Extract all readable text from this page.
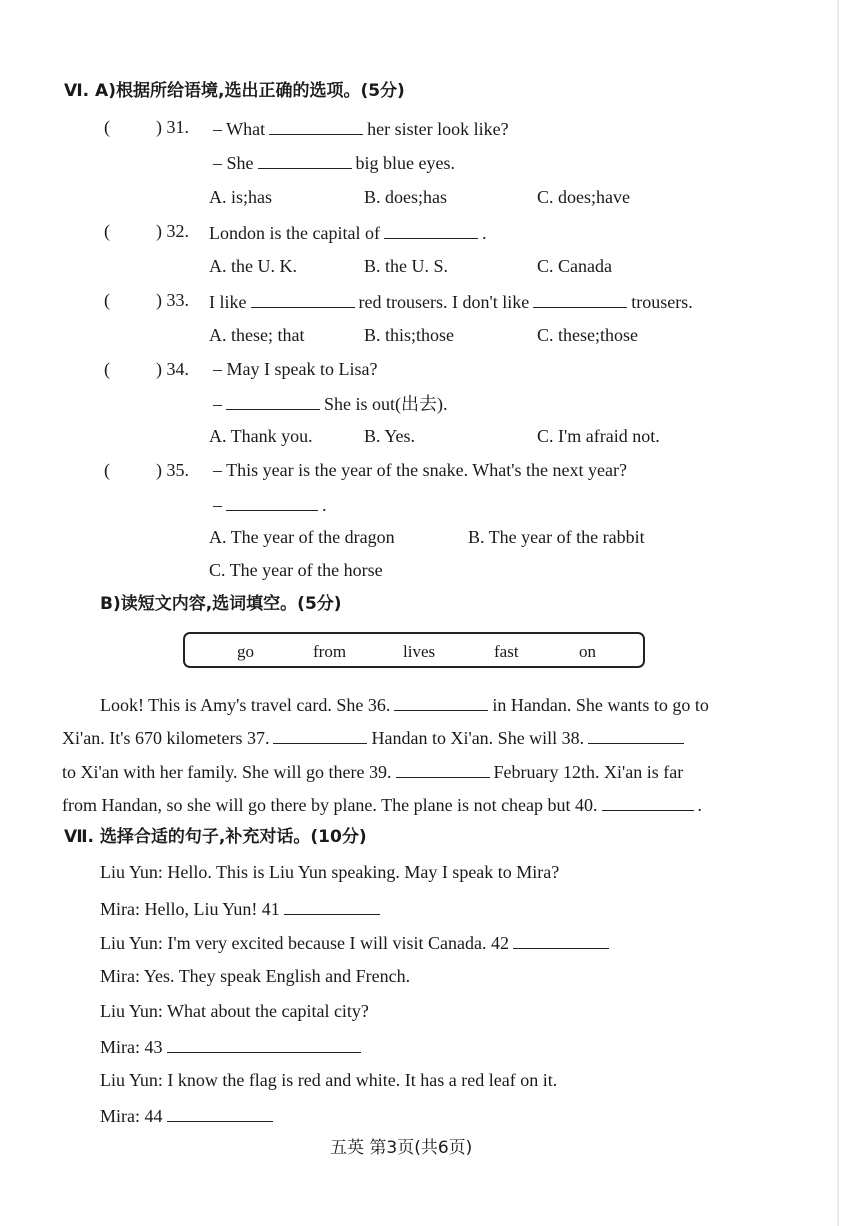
Ⅵ. A)根据所给语境,选出正确的选项。(5分)
(	) 31. – What	her sister look like?
– She	big blue eyes.
A. is;has	B. does;has	C. does;have
(	) 32. London is the capital of	.
A. the U. K.	B. the U. S.	C. Canada
(	) 33. I like	red trousers. I don't like	trousers.
A. these; that	B. this;those	C. these;those
(	) 34. – May I speak to Lisa?
–	She is out(出去).
A. Thank you.	B. Yes.	C. I'm afraid not.
(	) 35. – This year is the year of the snake. What's the next year?
–	.
A. The year of the dragon	B. The year of the rabbit
C. The year of the horse
B)读短文内容,选词填空。(5分)
go	from	lives	fast	on
Look! This is Amy's travel card. She 36.	in Handan. She wants to go to
Xi'an. It's 670 kilometers 37.	Handan to Xi'an. She will 38.
to Xi'an with her family. She will go there 39.	February 12th. Xi'an is far
from Handan, so she will go there by plane. The plane is not cheap but 40.	.
Ⅶ. 选择合适的句子,补充对话。(10分)
Liu Yun: Hello. This is Liu Yun speaking. May I speak to Mira?
Mira: Hello, Liu Yun! 41
Liu Yun: I'm very excited because I will visit Canada. 42
Mira: Yes. They speak English and French.
Liu Yun: What about the capital city?
Mira: 43
Liu Yun: I know the flag is red and white. It has a red leaf on it.
Mira: 44
五英 第3页(共6页)
